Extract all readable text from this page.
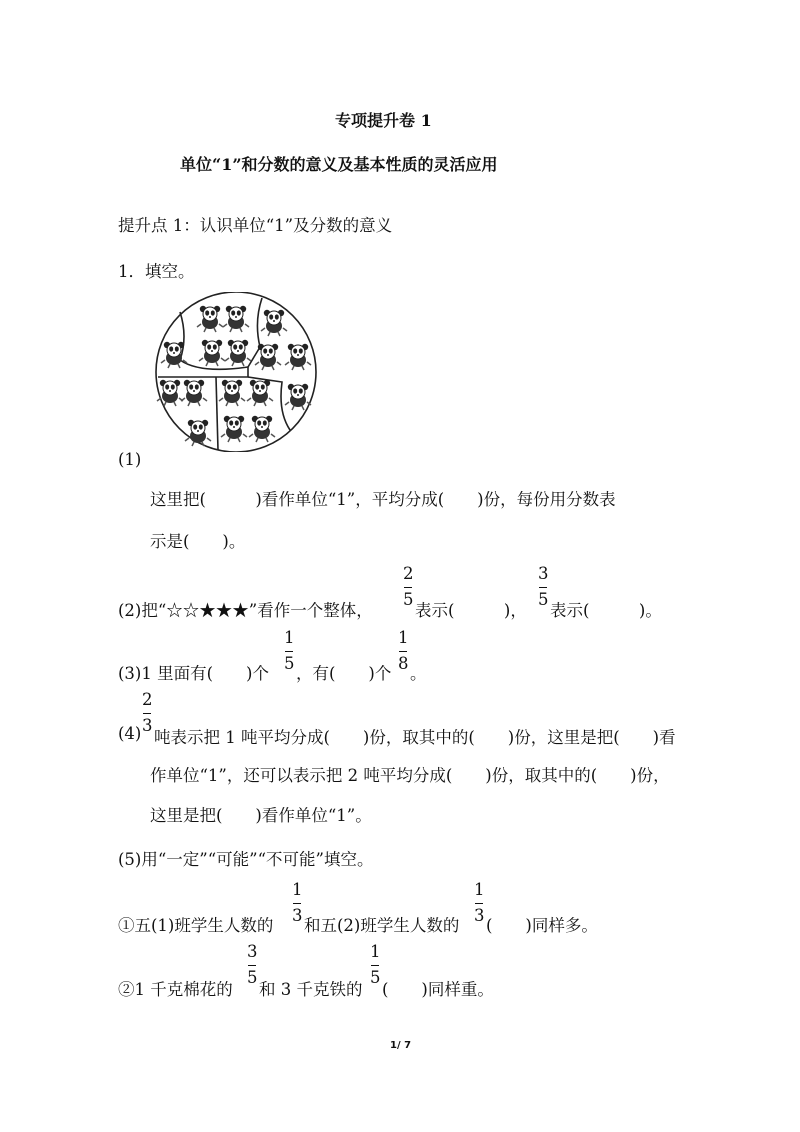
专项提升卷 1
单位“1”和分数的意义及基本性质的灵活应用
提升点 1：认识单位“1”及分数的意义
1．填空。
(1)
这里把(　　　)看作单位“1”，平均分成(　　)份，每份用分数表
示是(　　)。
(2)把“☆☆★★★”看作一个整体，
2
5
表示(　　　)，
3
5
表示(　　　)。
(3)1 里面有(　　)个
1
5
，有(　　)个
1
8
。
(4)
2
3
吨表示把 1 吨平均分成(　　)份，取其中的(　　)份，这里是把(　　)看
作单位“1”，还可以表示把 2 吨平均分成(　　)份，取其中的(　　)份，
这里是把(　　)看作单位“1”。
(5)用“一定”“可能”“不可能”填空。
①五(1)班学生人数的
1
3
和五(2)班学生人数的
1
3
(　　)同样多。
②1 千克棉花的
3
5
和 3 千克铁的
1
5
(　　)同样重。
1/ 7
